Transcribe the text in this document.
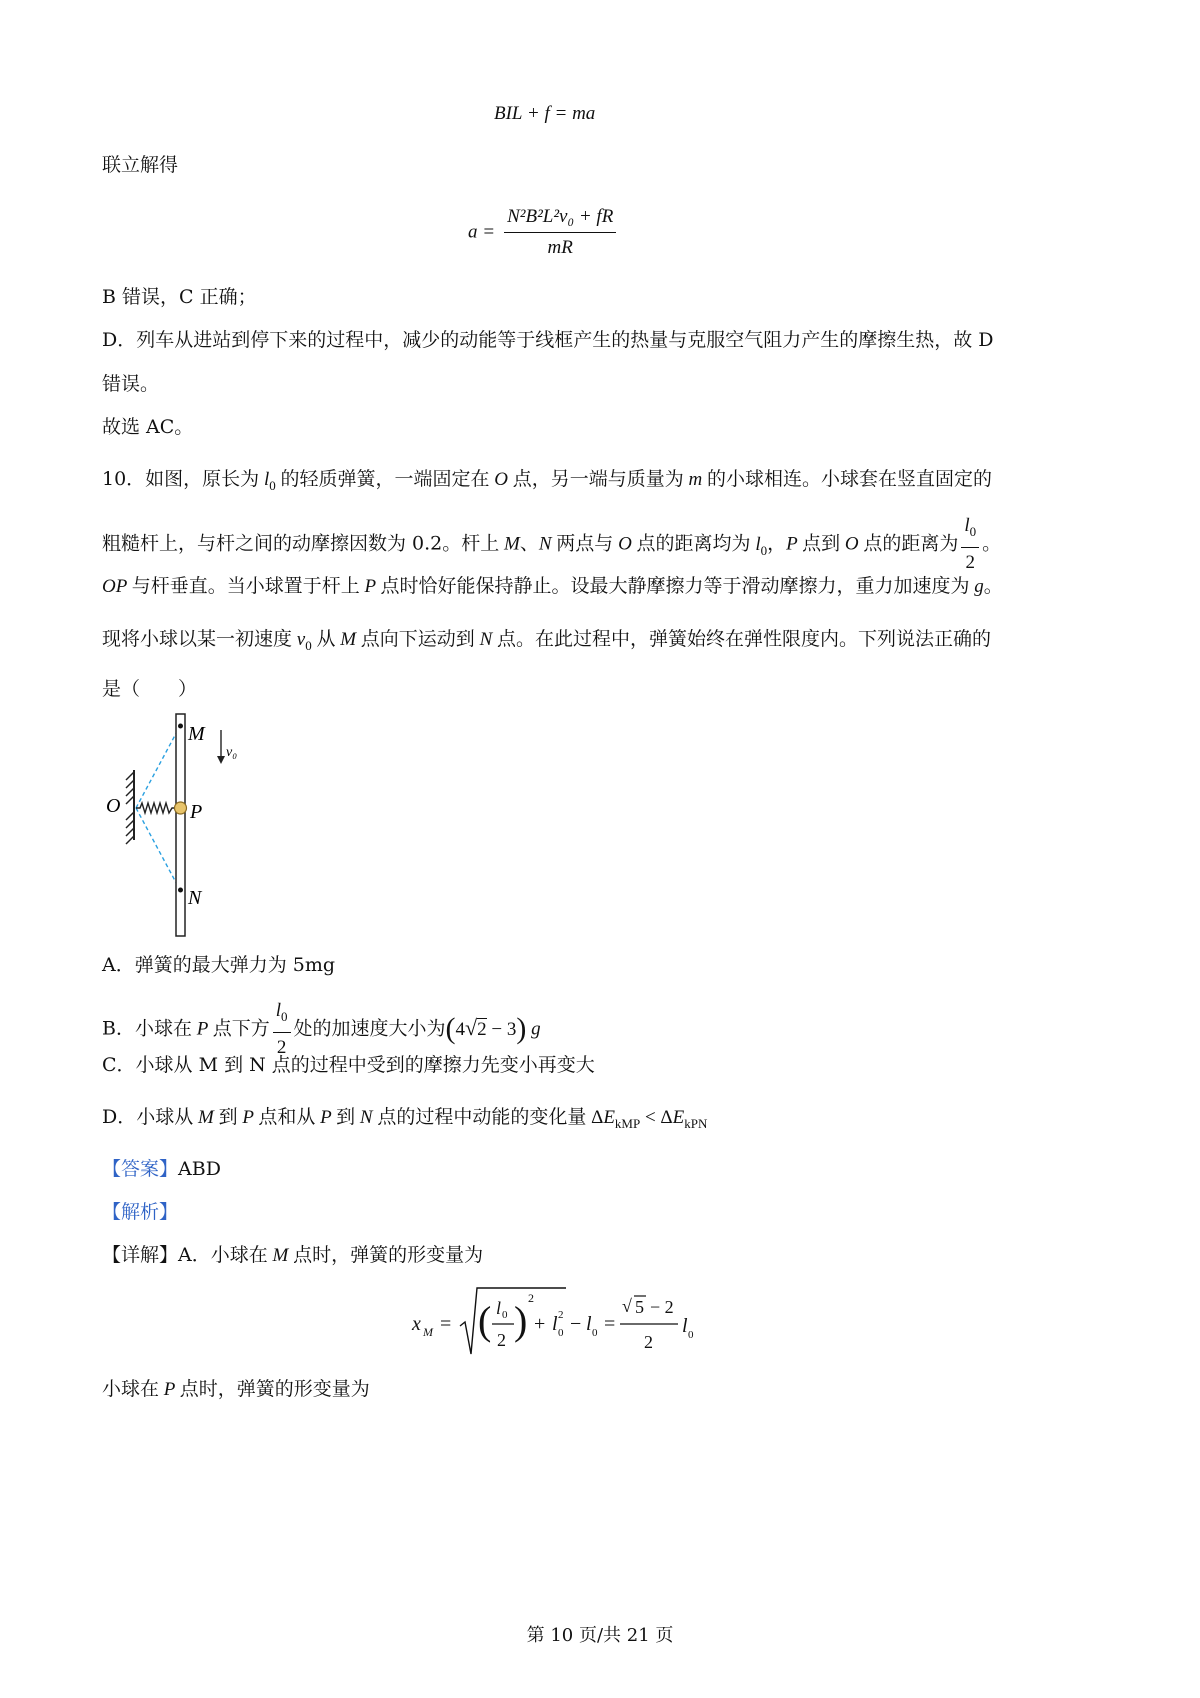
BIL + f = ma
联立解得
$a = \frac{\text{N²B²L²v₀ + fR}}{mR}$
B 错误，C 正确；
D．列车从进站到停下来的过程中，减少的动能等于线框产生的热量与克服空气阻力产生的摩擦生热，故 D
错误。
故选 AC。
10．如图，原长为 $l_0$ 的轻质弹簧，一端固定在 O 点，另一端与质量为 m 的小球相连。小球套在竖直固定的
粗糙杆上，与杆之间的动摩擦因数为 0.2。杆上 M、N 两点与 O 点的距离均为 $l_0$，P 点到 O 点的距离为 $\frac{l_0}{2}$ 。
OP 与杆垂直。当小球置于杆上 P 点时恰好能保持静止。设最大静摩擦力等于滑动摩擦力，重力加速度为 g。
现将小球以某一初速度 $v_0$ 从 M 点向下运动到 N 点。在此过程中，弹簧始终在弹性限度内。下列说法正确的
是（　　）
M
N
O	P
v₀
A．弹簧的最大弹力为 5mg
B．小球在 P 点下方 $\frac{l_0}{2}$ 处的加速度大小为(4√2 − 3) g
C．小球从 M 到 N 点的过程中受到的摩擦力先变小再变大
D．小球从 M 到 P 点和从 P 到 N 点的过程中动能的变化量 $\Delta E_{kMP} < \Delta E_{kPN}$
【答案】ABD
【解析】
【详解】A．小球在 M 点时，弹簧的形变量为
x M = ( l 0
2 ) 2
+ l 2
0 − l 0 =
√ 5 − 2
2
l 0
小球在 P 点时，弹簧的形变量为
第 10 页/共 21 页
